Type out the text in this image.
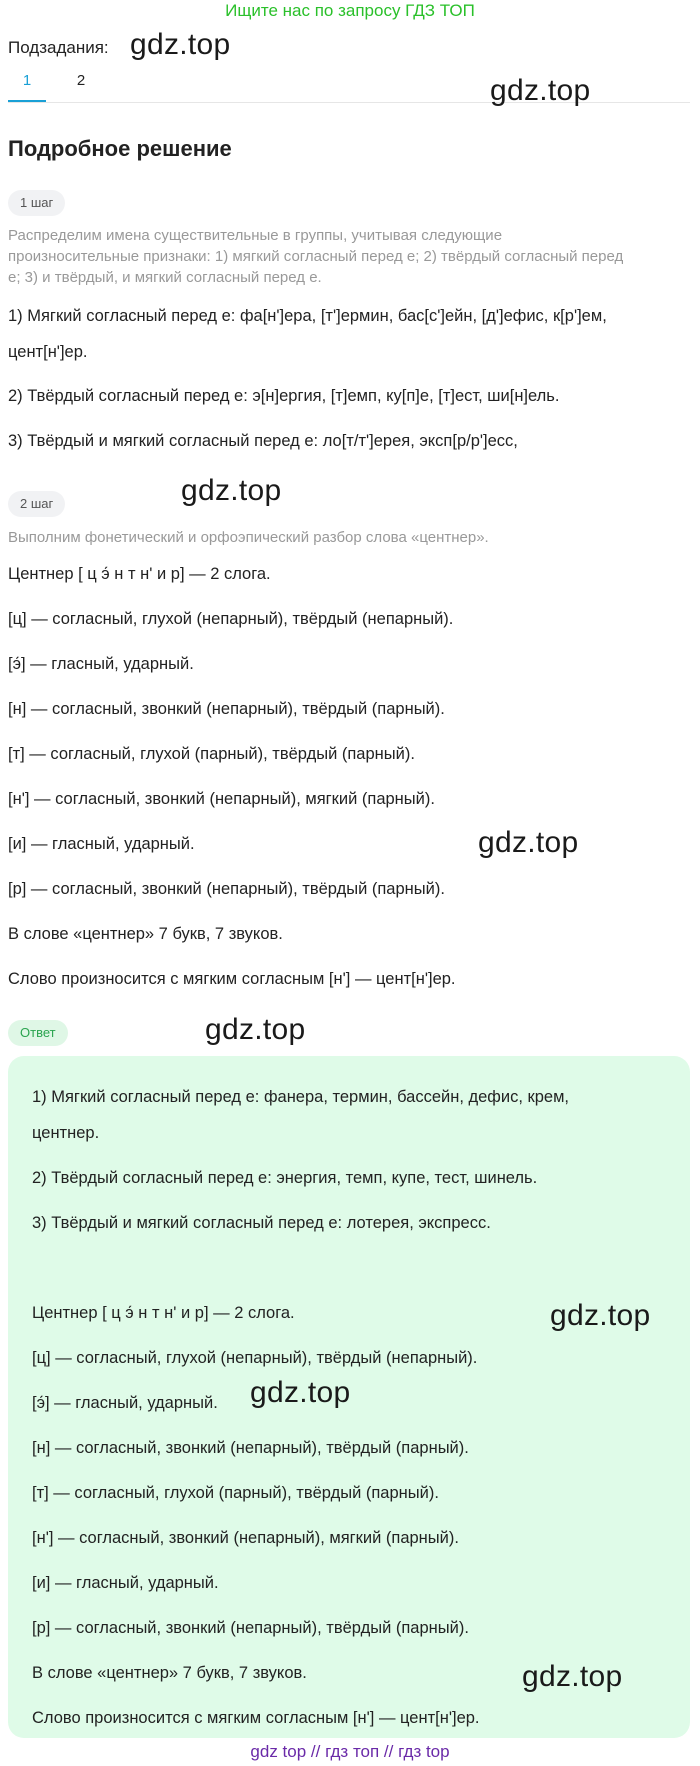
Ищите нас по запросу ГДЗ ТОП
Подзадания:
1	2
Подробное решение
1 шаг
Распределим имена существительные в группы, учитывая следующие
произносительные признаки: 1) мягкий согласный перед е; 2) твёрдый согласный перед
е; 3) и твёрдый, и мягкий согласный перед е.
1) Мягкий согласный перед е: фа[н']ера, [т']ермин, бас[с']ейн, [д']ефис, к[р']ем,
цент[н']ер.
2) Твёрдый согласный перед е: э[н]ергия, [т]емп, ку[п]е, [т]ест, ши[н]ель.
3) Твёрдый и мягкий согласный перед е: ло[т/т']ерея, эксп[р/р']есс,
2 шаг
Выполним фонетический и орфоэпический разбор слова «центнер».
Центнер [ ц э́ н т н' и р] — 2 слога.
[ц] — согласный, глухой (непарный), твёрдый (непарный).
[э́] — гласный, ударный.
[н] — согласный, звонкий (непарный), твёрдый (парный).
[т] — согласный, глухой (парный), твёрдый (парный).
[н'] — согласный, звонкий (непарный), мягкий (парный).
[и] — гласный, ударный.
[р] — согласный, звонкий (непарный), твёрдый (парный).
В слове «центнер» 7 букв, 7 звуков.
Слово произносится с мягким согласным [н'] — цент[н']ер.
Ответ
1) Мягкий согласный перед е: фанера, термин, бассейн, дефис, крем,
центнер.
2) Твёрдый согласный перед е: энергия, темп, купе, тест, шинель.
3) Твёрдый и мягкий согласный перед е: лотерея, экспресс.
Центнер [ ц э́ н т н' и р] — 2 слога.
[ц] — согласный, глухой (непарный), твёрдый (непарный).
[э́] — гласный, ударный.
[н] — согласный, звонкий (непарный), твёрдый (парный).
[т] — согласный, глухой (парный), твёрдый (парный).
[н'] — согласный, звонкий (непарный), мягкий (парный).
[и] — гласный, ударный.
[р] — согласный, звонкий (непарный), твёрдый (парный).
В слове «центнер» 7 букв, 7 звуков.
Слово произносится с мягким согласным [н'] — цент[н']ер.
gdz.top
gdz.top
gdz.top
gdz.top
gdz.top
gdz.top
gdz.top
gdz.top
gdz top // гдз топ // гдз top
